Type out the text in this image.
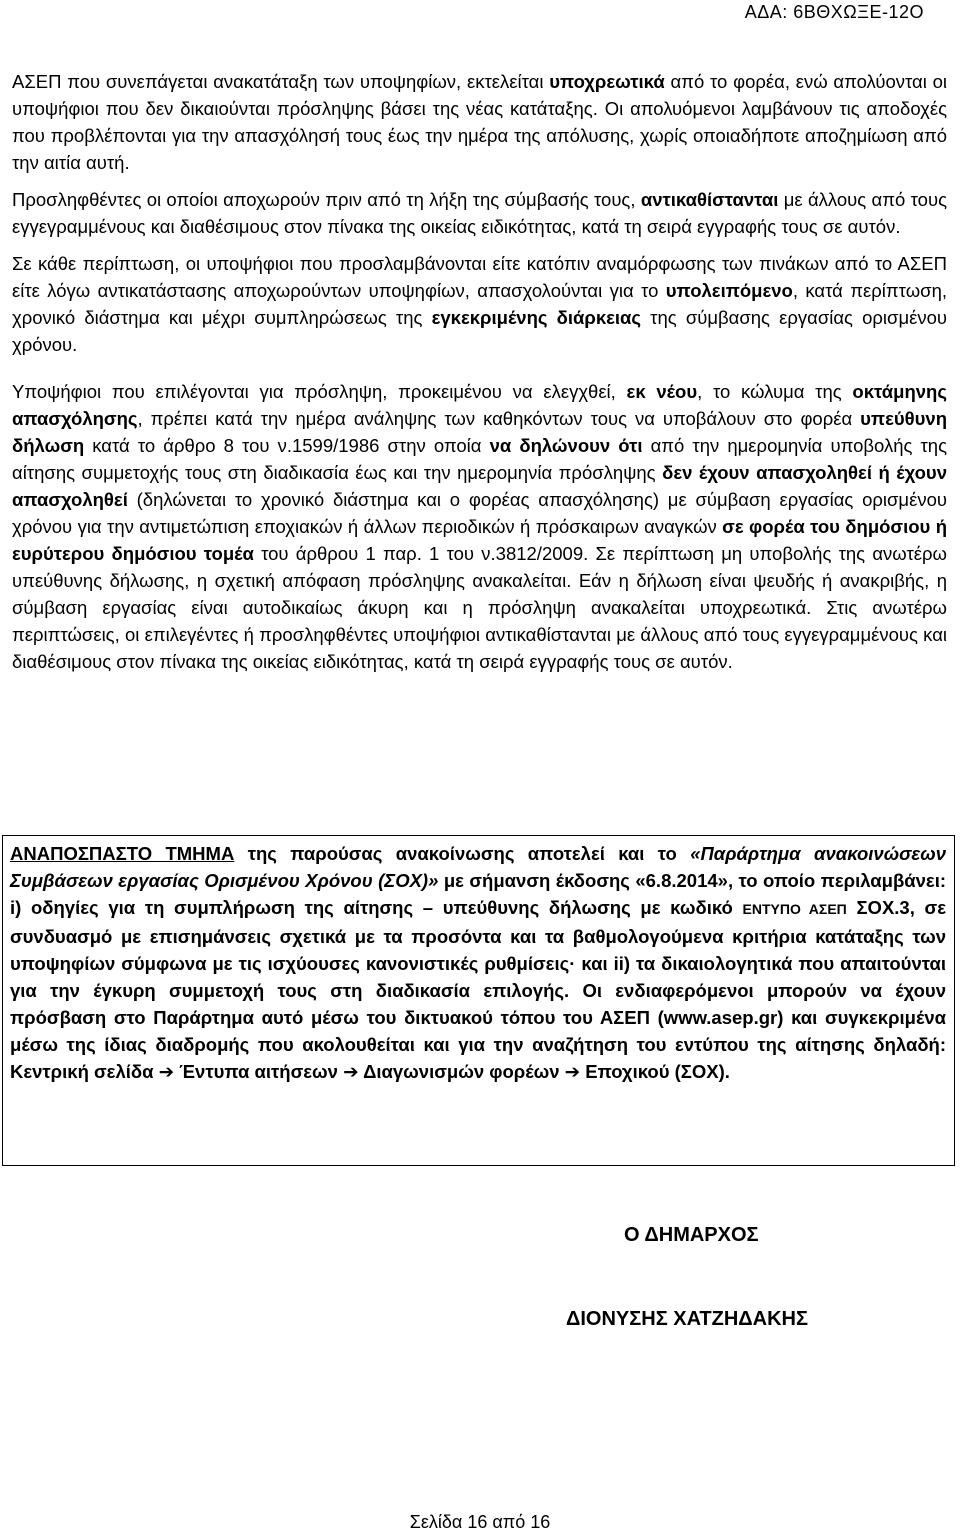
ΑΔΑ: 6ΒΘΧΩΞΕ-12Ο

ΑΣΕΠ που συνεπάγεται ανακατάταξη των υποψηφίων, εκτελείται υποχρεωτικά από το φορέα, ενώ απολύονται οι υποψήφιοι που δεν δικαιούνται πρόσληψης βάσει της νέας κατάταξης. Οι απολυόμενοι λαμβάνουν τις αποδοχές που προβλέπονται για την απασχόλησή τους έως την ημέρα της απόλυσης, χωρίς οποιαδήποτε αποζημίωση από την αιτία αυτή.

Προσληφθέντες οι οποίοι αποχωρούν πριν από τη λήξη της σύμβασής τους, αντικαθίστανται με άλλους από τους εγγεγραμμένους και διαθέσιμους στον πίνακα της οικείας ειδικότητας, κατά τη σειρά εγγραφής τους σε αυτόν.

Σε κάθε περίπτωση, οι υποψήφιοι που προσλαμβάνονται είτε κατόπιν αναμόρφωσης των πινάκων από το ΑΣΕΠ είτε λόγω αντικατάστασης αποχωρούντων υποψηφίων, απασχολούνται για το υπολειπόμενο, κατά περίπτωση, χρονικό διάστημα και μέχρι συμπληρώσεως της εγκεκριμένης διάρκειας της σύμβασης εργασίας ορισμένου χρόνου.

Υποψήφιοι που επιλέγονται για πρόσληψη, προκειμένου να ελεγχθεί, εκ νέου, το κώλυμα της οκτάμηνης απασχόλησης, πρέπει κατά την ημέρα ανάληψης των καθηκόντων τους να υποβάλουν στο φορέα υπεύθυνη δήλωση κατά το άρθρο 8 του ν.1599/1986 στην οποία να δηλώνουν ότι από την ημερομηνία υποβολής της αίτησης συμμετοχής τους στη διαδικασία έως και την ημερομηνία πρόσληψης δεν έχουν απασχοληθεί ή έχουν απασχοληθεί (δηλώνεται το χρονικό διάστημα και ο φορέας απασχόλησης) με σύμβαση εργασίας ορισμένου χρόνου για την αντιμετώπιση εποχιακών ή άλλων περιοδικών ή πρόσκαιρων αναγκών σε φορέα του δημόσιου ή ευρύτερου δημόσιου τομέα του άρθρου 1 παρ. 1 του ν.3812/2009. Σε περίπτωση μη υποβολής της ανωτέρω υπεύθυνης δήλωσης, η σχετική απόφαση πρόσληψης ανακαλείται. Εάν η δήλωση είναι ψευδής ή ανακριβής, η σύμβαση εργασίας είναι αυτοδικαίως άκυρη και η πρόσληψη ανακαλείται υποχρεωτικά. Στις ανωτέρω περιπτώσεις, οι επιλεγέντες ή προσληφθέντες υποψήφιοι αντικαθίστανται με άλλους από τους εγγεγραμμένους και διαθέσιμους στον πίνακα της οικείας ειδικότητας, κατά τη σειρά εγγραφής τους σε αυτόν.

ΑΝΑΠΟΣΠΑΣΤΟ ΤΜΗΜΑ της παρούσας ανακοίνωσης αποτελεί και το «Παράρτημα ανακοινώσεων Συμβάσεων εργασίας Ορισμένου Χρόνου (ΣΟΧ)» με σήμανση έκδοσης «6.8.2014», το οποίο περιλαμβάνει: i) οδηγίες για τη συμπλήρωση της αίτησης – υπεύθυνης δήλωσης με κωδικό ΕΝΤΥΠΟ ΑΣΕΠ ΣΟΧ.3, σε συνδυασμό με επισημάνσεις σχετικά με τα προσόντα και τα βαθμολογούμενα κριτήρια κατάταξης των υποψηφίων σύμφωνα με τις ισχύουσες κανονιστικές ρυθμίσεις· και ii) τα δικαιολογητικά που απαιτούνται για την έγκυρη συμμετοχή τους στη διαδικασία επιλογής. Οι ενδιαφερόμενοι μπορούν να έχουν πρόσβαση στο Παράρτημα αυτό μέσω του δικτυακού τόπου του ΑΣΕΠ (www.asep.gr) και συγκεκριμένα μέσω της ίδιας διαδρομής που ακολουθείται και για την αναζήτηση του εντύπου της αίτησης δηλαδή: Κεντρική σελίδα ➔ Έντυπα αιτήσεων ➔ Διαγωνισμών φορέων ➔ Εποχικού (ΣΟΧ).
Ο ΔΗΜΑΡΧΟΣ
ΔΙΟΝΥΣΗΣ ΧΑΤΖΗΔΑΚΗΣ
Σελίδα 16 από 16
